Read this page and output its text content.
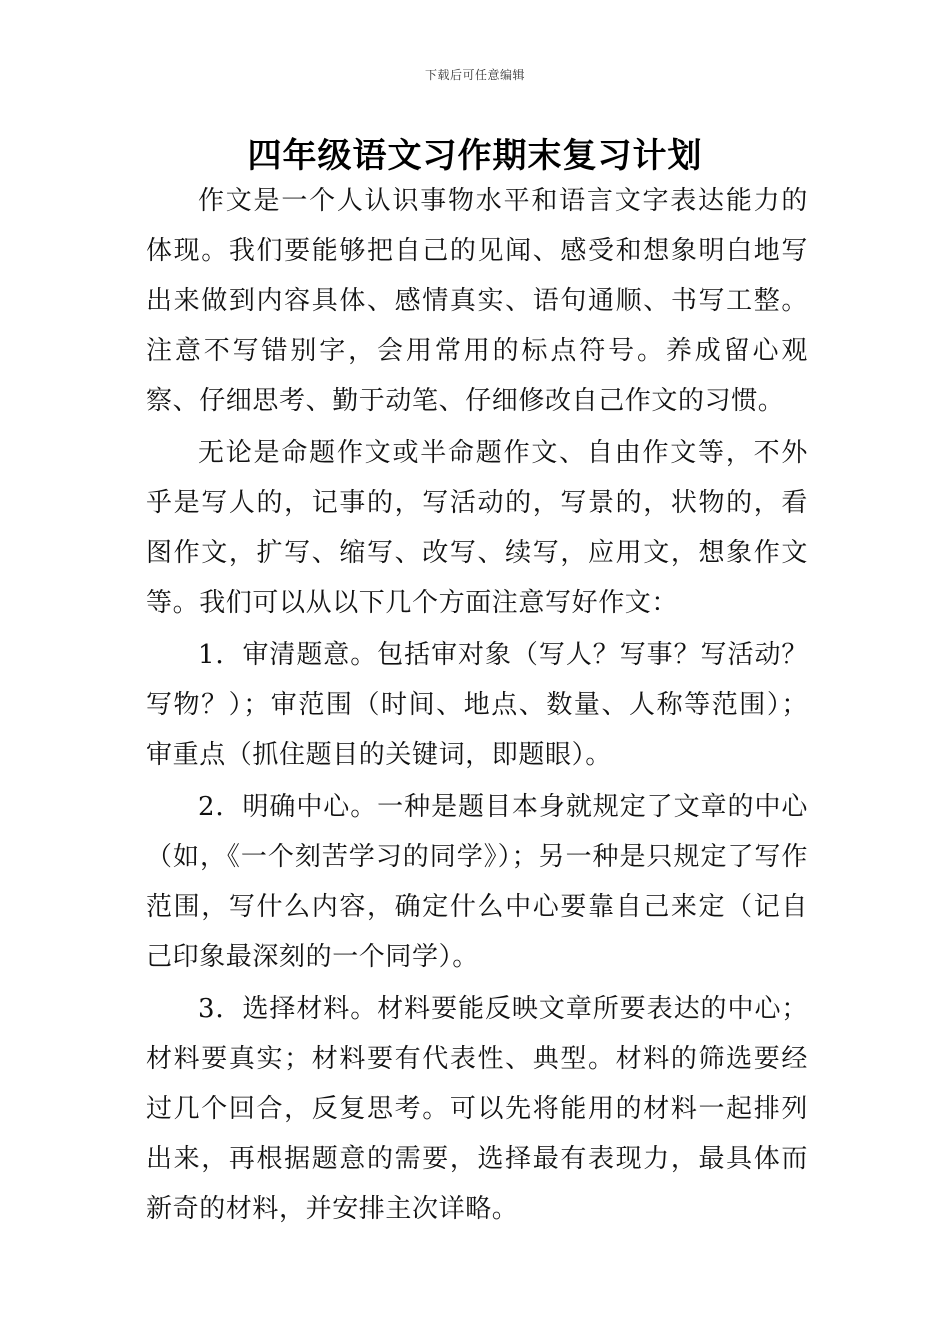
下载后可任意编辑
四年级语文习作期末复习计划

作文是一个人认识事物水平和语言文字表达能力的体现。我们要能够把自己的见闻、感受和想象明白地写出来做到内容具体、感情真实、语句通顺、书写工整。注意不写错别字，会用常用的标点符号。养成留心观察、仔细思考、勤于动笔、仔细修改自己作文的习惯。

无论是命题作文或半命题作文、自由作文等，不外乎是写人的，记事的，写活动的，写景的，状物的，看图作文，扩写、缩写、改写、续写，应用文，想象作文等。我们可以从以下几个方面注意写好作文：

1．审清题意。包括审对象（写人？写事？写活动？写物？）；审范围（时间、地点、数量、人称等范围）；审重点（抓住题目的关键词，即题眼）。

2．明确中心。一种是题目本身就规定了文章的中心（如，《一个刻苦学习的同学》）；另一种是只规定了写作范围，写什么内容，确定什么中心要靠自己来定（记自己印象最深刻的一个同学）。

3．选择材料。材料要能反映文章所要表达的中心；材料要真实；材料要有代表性、典型。材料的筛选要经过几个回合，反复思考。可以先将能用的材料一起排列出来，再根据题意的需要，选择最有表现力，最具体而新奇的材料，并安排主次详略。
